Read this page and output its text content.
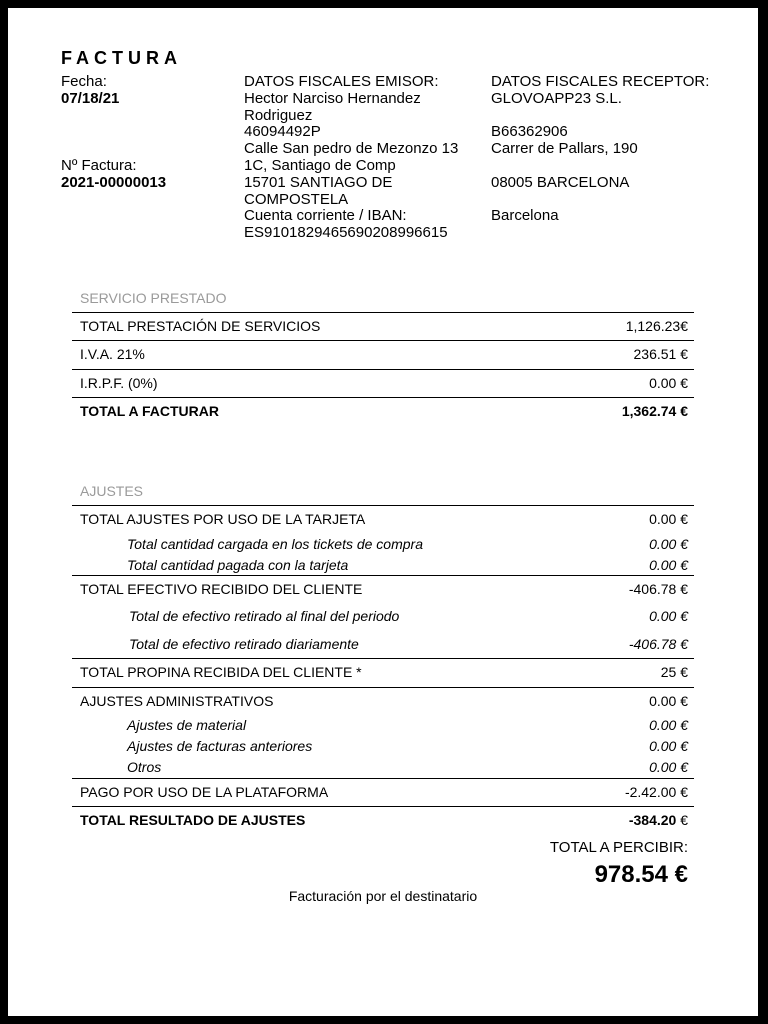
FACTURA
Fecha:
07/18/21
Nº Factura:
2021-00000013
DATOS FISCALES EMISOR:
Hector Narciso Hernandez
Rodriguez
46094492P
Calle San pedro de Mezonzo 13
1C, Santiago de Comp
15701 SANTIAGO DE
COMPOSTELA
Cuenta corriente / IBAN:
ES9101829465690208996615
DATOS FISCALES RECEPTOR:
GLOVOAPP23 S.L.
B66362906
Carrer de Pallars, 190
08005 BARCELONA
Barcelona
SERVICIO PRESTADO
TOTAL PRESTACIÓN DE SERVICIOS	1,126.23€
I.V.A. 21%	236.51 €
I.R.P.F. (0%)	0.00 €
TOTAL A FACTURAR	1,362.74 €
AJUSTES
TOTAL AJUSTES POR USO DE LA TARJETA	0.00 €
Total cantidad cargada en los tickets de compra	0.00 €
Total cantidad pagada con la tarjeta	0.00 €
TOTAL EFECTIVO RECIBIDO DEL CLIENTE	-406.78 €
Total de efectivo retirado al final del periodo	0.00 €
Total de efectivo retirado diariamente	-406.78 €
TOTAL PROPINA RECIBIDA DEL CLIENTE *	25 €
AJUSTES ADMINISTRATIVOS	0.00 €
Ajustes de material	0.00 €
Ajustes de facturas anteriores	0.00 €
Otros	0.00 €
PAGO POR USO DE LA PLATAFORMA	-2.42.00 €
TOTAL RESULTADO DE AJUSTES	-384.20 €
TOTAL A PERCIBIR:
978.54 €
Facturación por el destinatario
